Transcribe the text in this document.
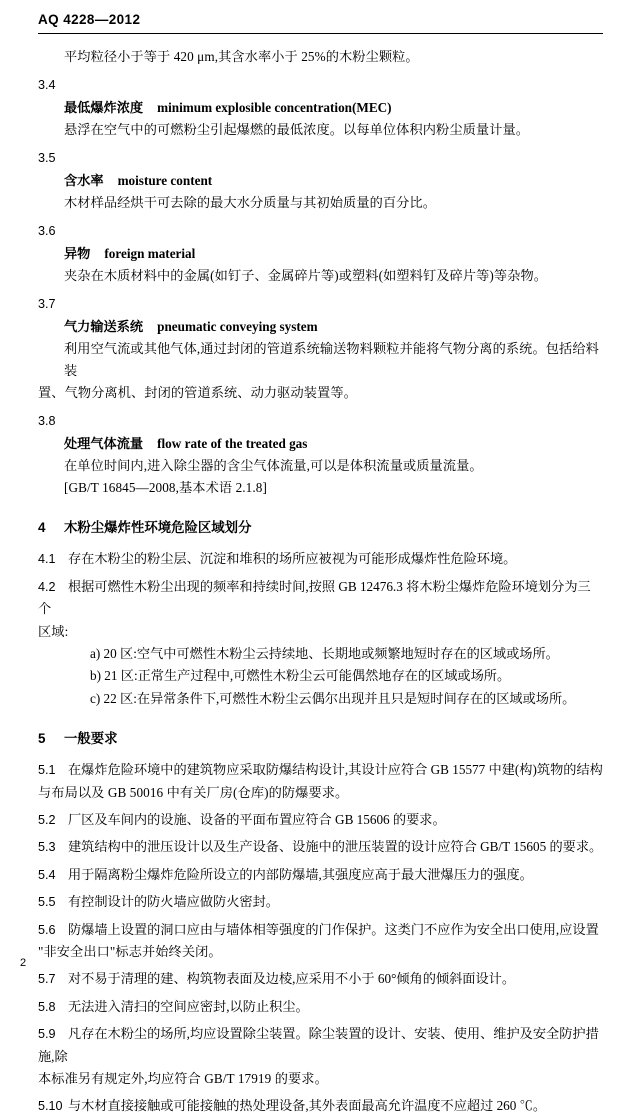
AQ 4228—2012
平均粒径小于等于 420 μm,其含水率小于 25%的木粉尘颗粒。
3.4
最低爆炸浓度 minimum explosible concentration(MEC)
悬浮在空气中的可燃粉尘引起爆燃的最低浓度。以每单位体积内粉尘质量计量。
3.5
含水率 moisture content
木材样品经烘干可去除的最大水分质量与其初始质量的百分比。
3.6
异物 foreign material
夹杂在木质材料中的金属(如钉子、金属碎片等)或塑料(如塑料钉及碎片等)等杂物。
3.7
气力输送系统 pneumatic conveying system
利用空气流或其他气体,通过封闭的管道系统输送物料颗粒并能将气物分离的系统。包括给料装
置、气物分离机、封闭的管道系统、动力驱动装置等。
3.8
处理气体流量 flow rate of the treated gas
在单位时间内,进入除尘器的含尘气体流量,可以是体积流量或质量流量。
[GB/T 16845—2008,基本术语 2.1.8]
4 木粉尘爆炸性环境危险区域划分
4.1 存在木粉尘的粉尘层、沉淀和堆积的场所应被视为可能形成爆炸性危险环境。
4.2 根据可燃性木粉尘出现的频率和持续时间,按照 GB 12476.3 将木粉尘爆炸危险环境划分为三个
区域:
a) 20 区:空气中可燃性木粉尘云持续地、长期地或频繁地短时存在的区域或场所。
b) 21 区:正常生产过程中,可燃性木粉尘云可能偶然地存在的区域或场所。
c) 22 区:在异常条件下,可燃性木粉尘云偶尔出现并且只是短时间存在的区域或场所。
5 一般要求
5.1 在爆炸危险环境中的建筑物应采取防爆结构设计,其设计应符合 GB 15577 中建(构)筑物的结构
与布局以及 GB 50016 中有关厂房(仓库)的防爆要求。
5.2 厂区及车间内的设施、设备的平面布置应符合 GB 15606 的要求。
5.3 建筑结构中的泄压设计以及生产设备、设施中的泄压装置的设计应符合 GB/T 15605 的要求。
5.4 用于隔离粉尘爆炸危险所设立的内部防爆墙,其强度应高于最大泄爆压力的强度。
5.5 有控制设计的防火墙应做防火密封。
5.6 防爆墙上设置的洞口应由与墙体相等强度的门作保护。这类门不应作为安全出口使用,应设置
"非安全出口"标志并始终关闭。
5.7 对不易于清理的建、构筑物表面及边棱,应采用不小于 60°倾角的倾斜面设计。
5.8 无法进入清扫的空间应密封,以防止积尘。
5.9 凡存在木粉尘的场所,均应设置除尘装置。除尘装置的设计、安装、使用、维护及安全防护措施,除
本标准另有规定外,均应符合 GB/T 17919 的要求。
5.10 与木材直接接触或可能接触的热处理设备,其外表面最高允许温度不应超过 260 ℃。
2
